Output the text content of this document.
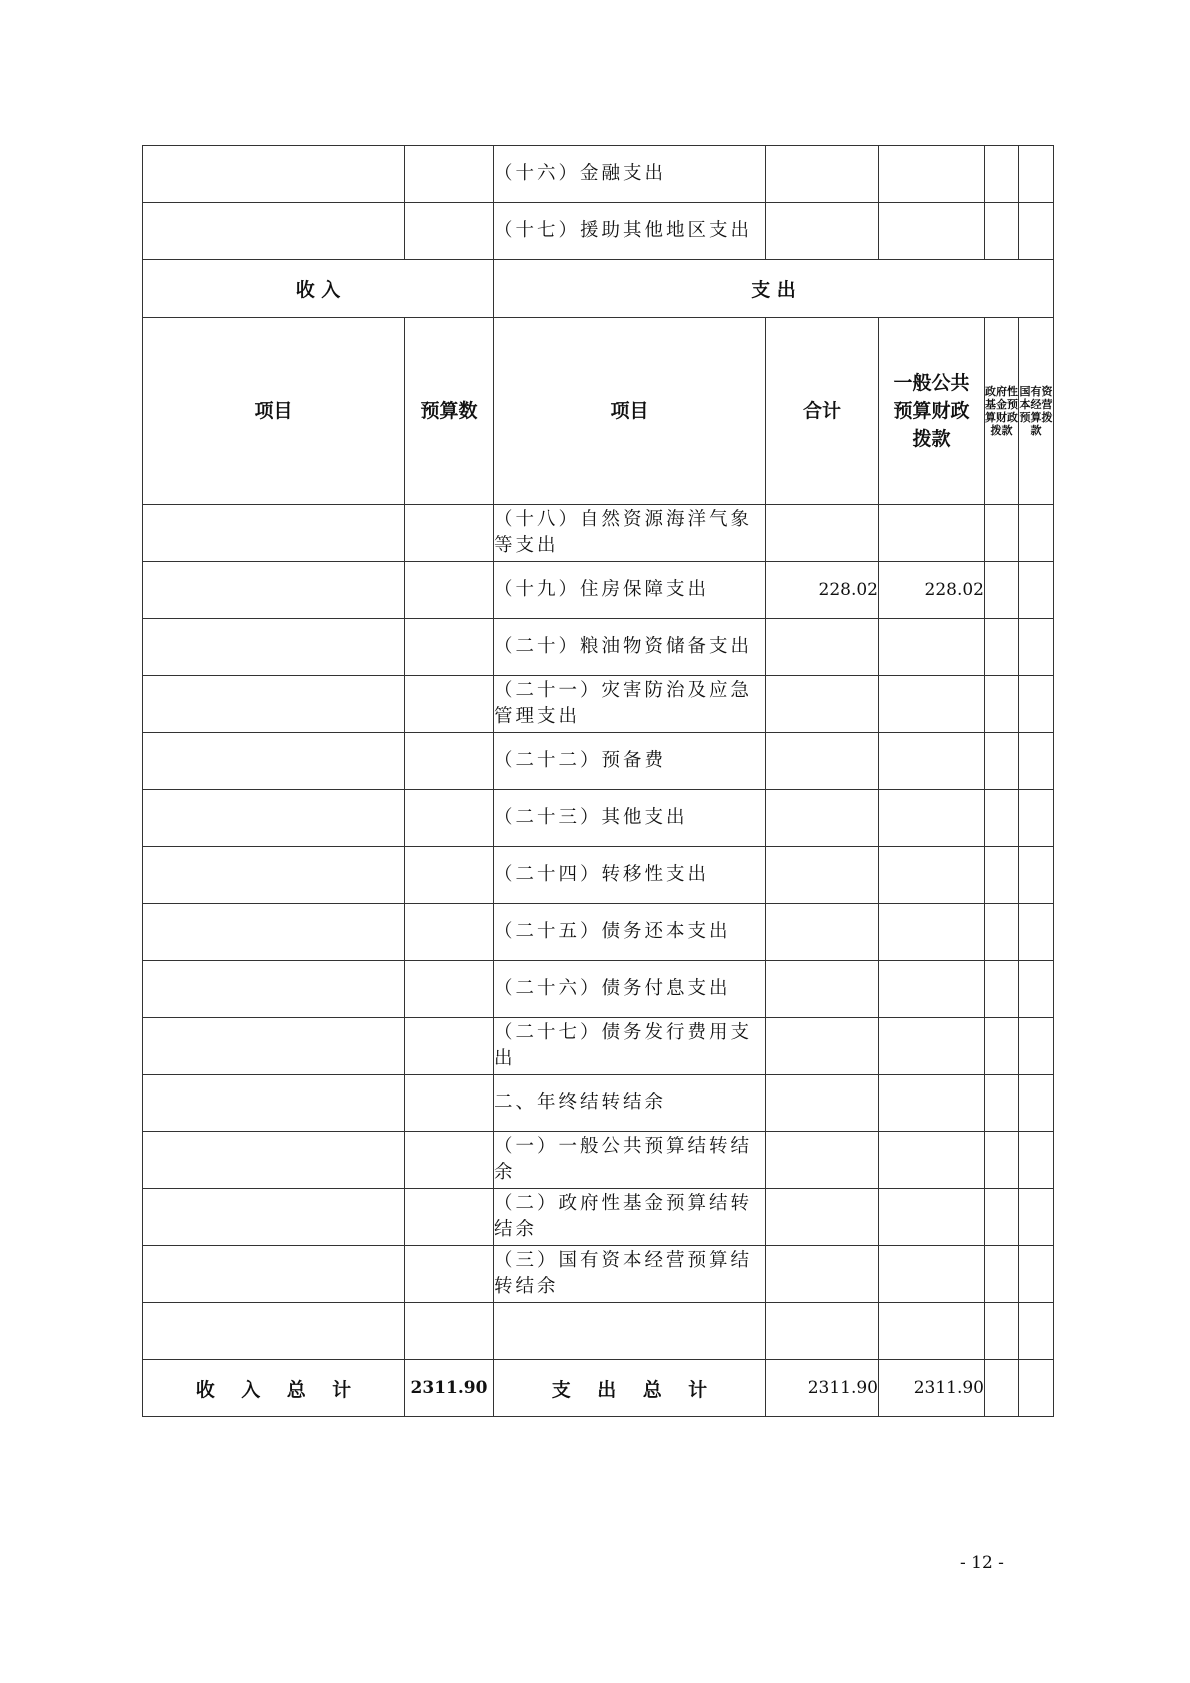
		（十六）金融支出				
		（十七）援助其他地区支出				
收 入		支 出				
项目	预算数	项目	合计	一般公共预算财政拨款	政府性基金预算财政拨款	国有资本经营预算拨款
		（十八）自然资源海洋气象等支出				
		（十九）住房保障支出	228.02	228.02		
		（二十）粮油物资储备支出				
		（二十一）灾害防治及应急管理支出				
		（二十二）预备费				
		（二十三）其他支出				
		（二十四）转移性支出				
		（二十五）债务还本支出				
		（二十六）债务付息支出				
		（二十七）债务发行费用支出				
		二、年终结转结余				
		（一）一般公共预算结转结余				
		（二）政府性基金预算结转结余				
		（三）国有资本经营预算结转结余				

收    入    总    计	2311.90	支    出    总    计	2311.90	2311.90		
- 12 -
